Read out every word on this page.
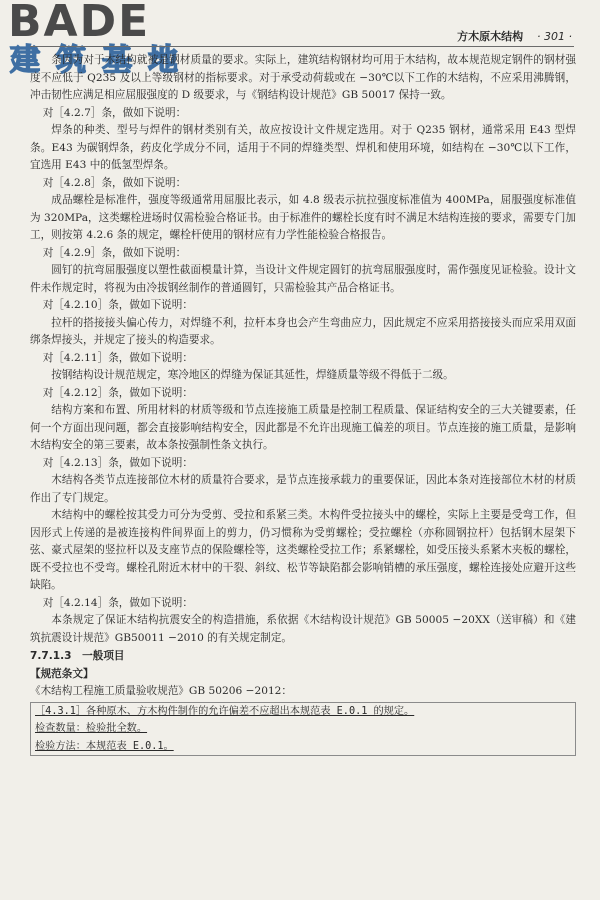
BADE
建筑基地
方木原木结构 · 301 ·

条因为对于木结构就被是钢材质量的要求。实际上，建筑结构钢材均可用于木结构，故本规范规定钢件的钢材强度不应低于 Q235 及以上等级钢材的指标要求。对于承受动荷载或在 −30℃以下工作的木结构，不应采用沸腾钢，冲击韧性应满足相应屈服强度的 D 级要求，与《钢结构设计规范》GB 50017 保持一致。

对［4.2.7］条，做如下说明：

焊条的种类、型号与焊件的钢材类别有关，故应按设计文件规定选用。对于 Q235 钢材，通常采用 E43 型焊条。E43 为碳钢焊条，药皮化学成分不同，适用于不同的焊缝类型、焊机和使用环境，如结构在 −30℃以下工作，宜选用 E43 中的低氢型焊条。

对［4.2.8］条，做如下说明：

成品螺栓是标准件，强度等级通常用屈服比表示，如 4.8 级表示抗拉强度标准值为 400MPa，屈服强度标准值为 320MPa，这类螺栓进场时仅需检验合格证书。由于标准件的螺栓长度有时不满足木结构连接的要求，需要专门加工，则按第 4.2.6 条的规定，螺栓杆使用的钢材应有力学性能检验合格报告。

对［4.2.9］条，做如下说明：

圆钉的抗弯屈服强度以塑性截面模量计算，当设计文件规定圆钉的抗弯屈服强度时，需作强度见证检验。设计文件未作规定时，将视为由冷拔钢丝制作的普通圆钉，只需检验其产品合格证书。

对［4.2.10］条，做如下说明：

拉杆的搭接接头偏心传力，对焊缝不利，拉杆本身也会产生弯曲应力，因此规定不应采用搭接接头而应采用双面绑条焊接头，并规定了接头的构造要求。

对［4.2.11］条，做如下说明：

按钢结构设计规范规定，寒冷地区的焊缝为保证其延性，焊缝质量等级不得低于二级。

对［4.2.12］条，做如下说明：

结构方案和布置、所用材料的材质等级和节点连接施工质量是控制工程质量、保证结构安全的三大关键要素，任何一个方面出现问题，都会直接影响结构安全，因此都是不允许出现施工偏差的项目。节点连接的施工质量，是影响木结构安全的第三要素，故本条按强制性条文执行。

对［4.2.13］条，做如下说明：

木结构各类节点连接部位木材的质量符合要求，是节点连接承载力的重要保证，因此本条对连接部位木材的材质作出了专门规定。

木结构中的螺栓按其受力可分为受剪、受拉和系紧三类。木构件受拉接头中的螺栓，实际上主要是受弯工作，但因形式上传递的是被连接构件间界面上的剪力，仍习惯称为受剪螺栓；受拉螺栓（亦称圆钢拉杆）包括钢木屋架下弦、豪式屋架的竖拉杆以及支座节点的保险螺栓等，这类螺栓受拉工作；系紧螺栓，如受压接头系紧木夹板的螺栓，既不受拉也不受弯。螺栓孔附近木材中的干裂、斜纹、松节等缺陷都会影响销槽的承压强度，螺栓连接处应避开这些缺陷。

对［4.2.14］条，做如下说明：

本条规定了保证木结构抗震安全的构造措施，系依据《木结构设计规范》GB 50005 −20XX（送审稿）和《建筑抗震设计规范》GB50011 −2010 的有关规定制定。

7.7.1.3　一般项目

【规范条文】

《木结构工程施工质量验收规范》GB 50206 −2012：

［4.3.1］各种原木、方木构件制作的允许偏差不应超出本规范表 E.0.1 的规定。
检查数量：检验批全数。
检验方法：本规范表 E.0.1。
